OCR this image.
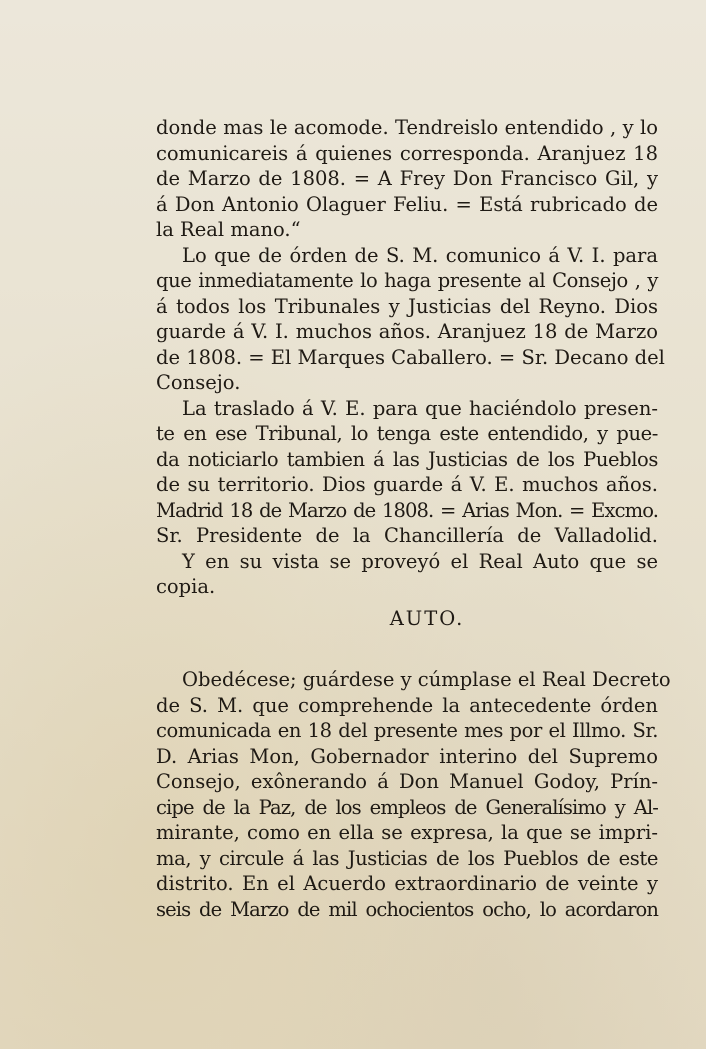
donde mas le acomode. Tendreislo entendido , y lo
comunicareis á quienes corresponda. Aranjuez 18
de Marzo de 1808. = A Frey Don Francisco Gil, y
á Don Antonio Olaguer Feliu. = Está rubricado de
la Real mano.“
Lo que de órden de S. M. comunico á V. I. para
que inmediatamente lo haga presente al Consejo , y
á todos los Tribunales y Justicias del Reyno. Dios
guarde á V. I. muchos años. Aranjuez 18 de Marzo
de 1808. = El Marques Caballero. = Sr. Decano del
Consejo.
La traslado á V. E. para que haciéndolo presen-
te en ese Tribunal, lo tenga este entendido, y pue-
da noticiarlo tambien á las Justicias de los Pueblos
de su territorio. Dios guarde á V. E. muchos años.
Madrid 18 de Marzo de 1808. = Arias Mon. = Excmo.
Sr. Presidente de la Chancillería de Valladolid.
Y en su vista se proveyó el Real Auto que se
copia.
AUTO.
Obedécese; guárdese y cúmplase el Real Decreto
de S. M. que comprehende la antecedente órden
comunicada en 18 del presente mes por el Illmo. Sr.
D. Arias Mon, Gobernador interino del Supremo
Consejo, exônerando á Don Manuel Godoy, Prín-
cipe de la Paz, de los empleos de Generalísimo y Al-
mirante, como en ella se expresa, la que se impri-
ma, y circule á las Justicias de los Pueblos de este
distrito. En el Acuerdo extraordinario de veinte y
seis de Marzo de mil ochocientos ocho, lo acordaron
